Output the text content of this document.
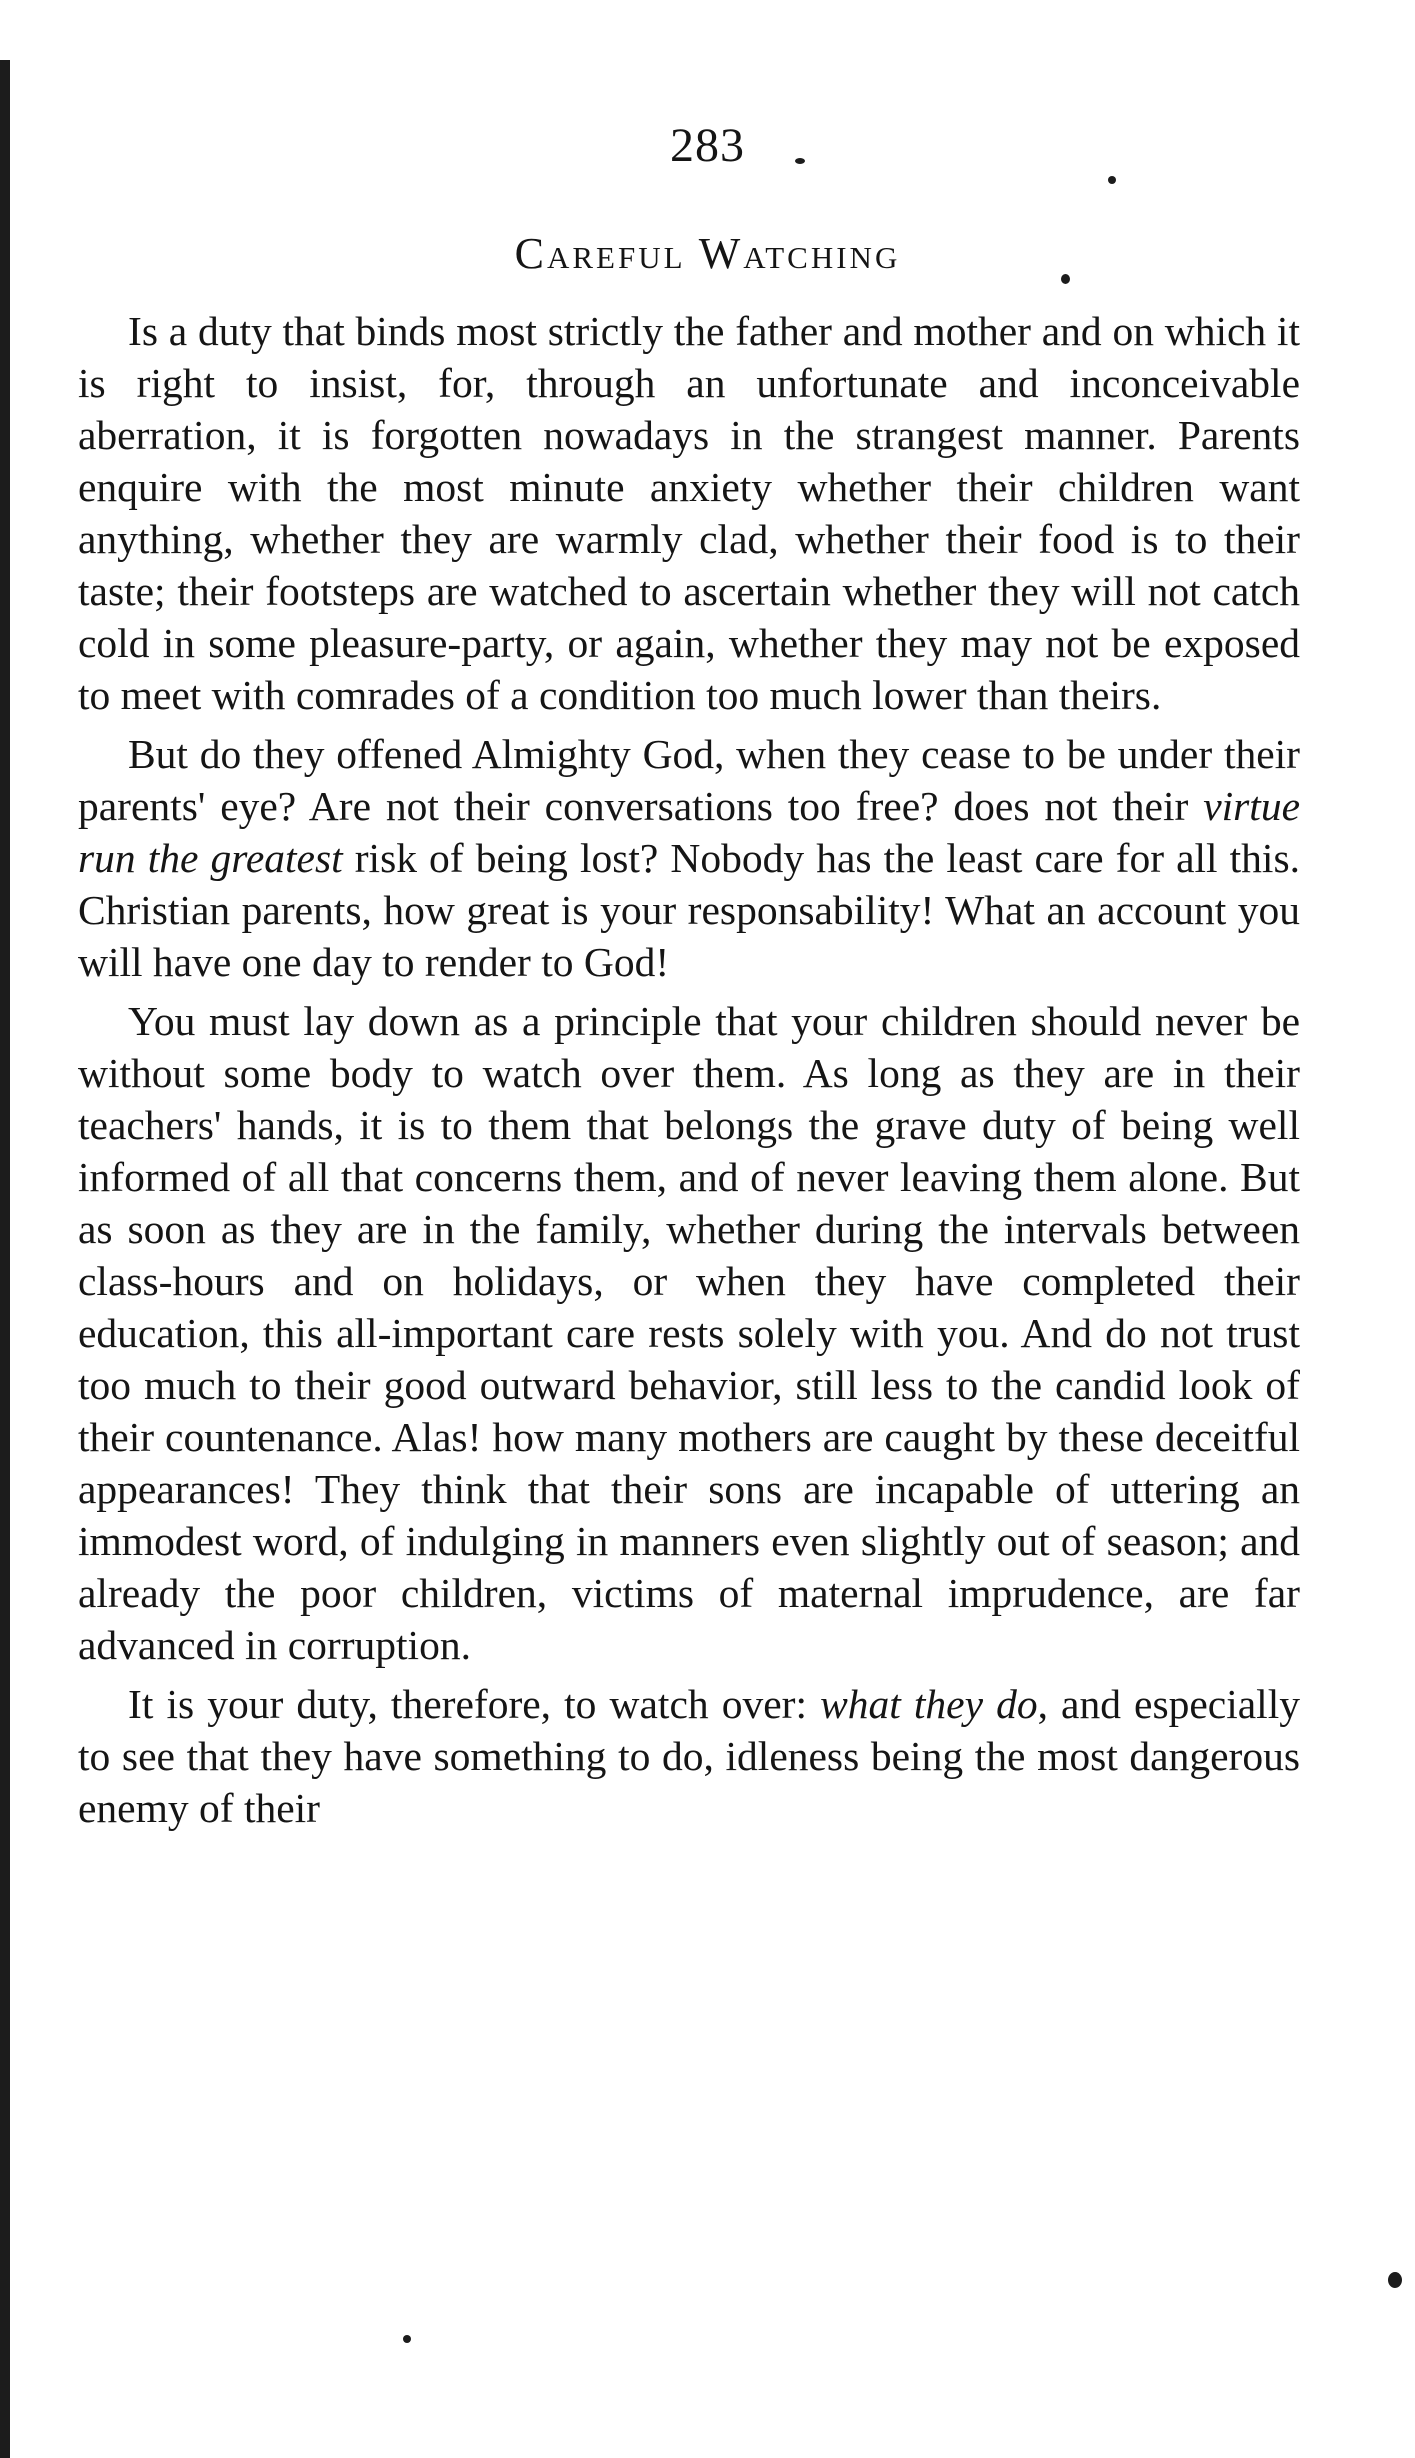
283
Careful Watching

Is a duty that binds most strictly the father and mother and on which it is right to insist, for, through an unfortunate and inconceivable aberration, it is forgotten nowadays in the strangest manner. Parents enquire with the most minute anxiety whether their children want anything, whether they are warmly clad, whether their food is to their taste; their footsteps are watched to ascertain whether they will not catch cold in some pleasure-party, or again, whether they may not be exposed to meet with comrades of a condition too much lower than theirs.

But do they offened Almighty God, when they cease to be under their parents' eye? Are not their conversations too free? does not their virtue run the greatest risk of being lost? Nobody has the least care for all this. Christian parents, how great is your responsability! What an account you will have one day to render to God!

You must lay down as a principle that your children should never be without some body to watch over them. As long as they are in their teachers' hands, it is to them that belongs the grave duty of being well informed of all that concerns them, and of never leaving them alone. But as soon as they are in the family, whether during the intervals between class-hours and on holidays, or when they have completed their education, this all-important care rests solely with you. And do not trust too much to their good outward behavior, still less to the candid look of their countenance. Alas! how many mothers are caught by these deceitful appearances! They think that their sons are incapable of uttering an immodest word, of indulging in manners even slightly out of season; and already the poor children, victims of maternal imprudence, are far advanced in corruption.

It is your duty, therefore, to watch over: what they do, and especially to see that they have something to do, idleness being the most dangerous enemy of their
